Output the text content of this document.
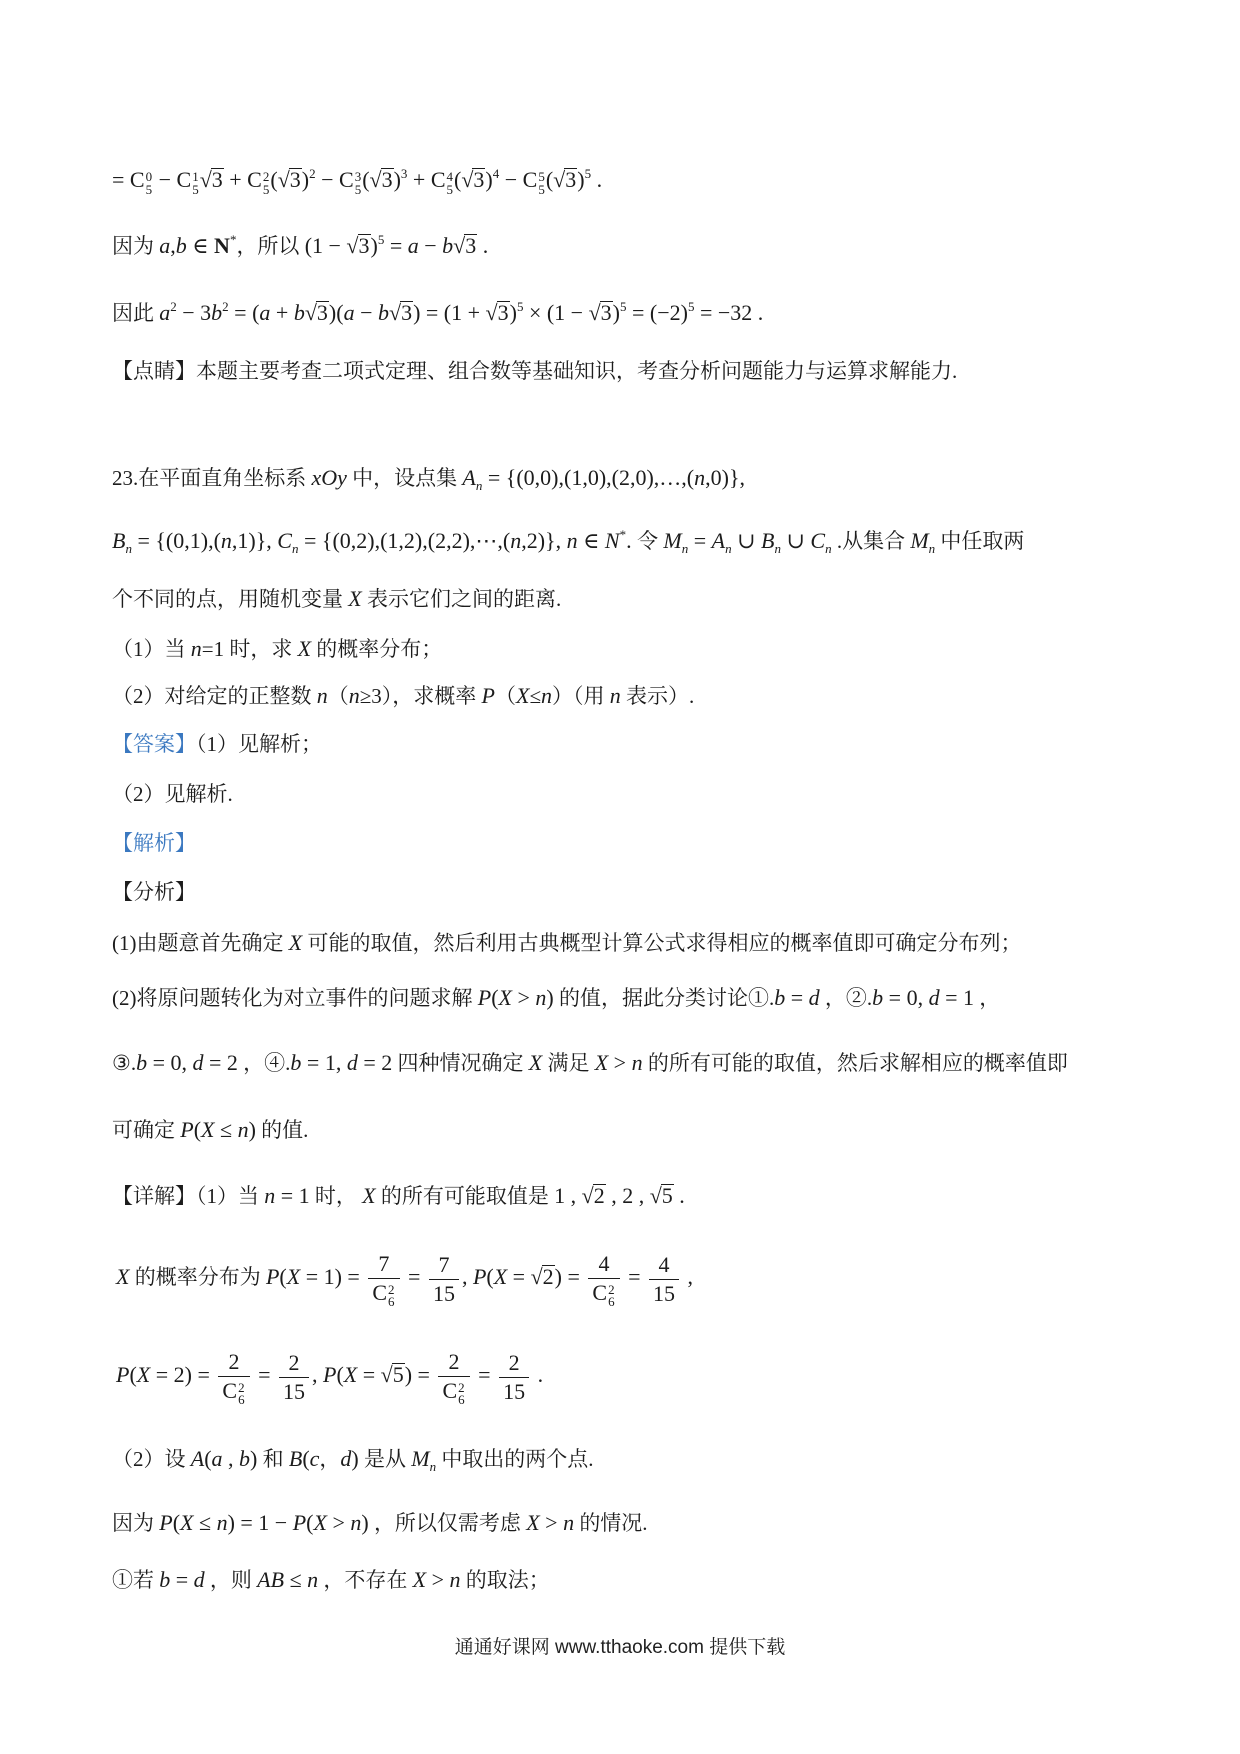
= C 0
5 − C 1
5
√ 3 + C 2
5 (√ 3)$^2$ − C 3
5 (√ 3)$^3$ + C 4
5 (√ 3)$^4$ − C 5
5 (√ 3)$^5$ .
因为 a,b ∈ N*，所以 (1 − √ 3)$^5$ = a − b√ 3 .
因此 $a^2 - 3b^2 = (a + b√$ 3)(a − b√ 3) = (1 + √ 3)$^5$ × (1 − √ $3)^5 = (-2)^5 = -32$ .
【点睛】本题主要考查二项式定理、组合数等基础知识，考查分析问题能力与运算求解能力.
23.在平面直角坐标系 xOy 中，设点集 $A_n$ = {(0,0),(1,0),(2,0),…,(n,0)},
$B_n = \{(0,1),(n,1)\}$, $C_n$ = {(0,2),(1,2),(2,2),⋯,(n,2)}, n ∈ N*. 令 $M_n = A_n$ ∪ $B_n$ ∪ $C_n$ .从集合 $M_n$ 中任取两
个不同的点，用随机变量 X 表示它们之间的距离.
（1）当 n=1 时，求 X 的概率分布；
（2）对给定的正整数 n（n≥3），求概率 P（X≤n）（用 n 表示）.
【答案】（1）见解析；
（2）见解析.
【解析】
【分析】
(1)由题意首先确定 X 可能的取值，然后利用古典概型计算公式求得相应的概率值即可确定分布列；
(2)将原问题转化为对立事件的问题求解 P(X > n) 的值，据此分类讨论①.b = d ，②.b = 0, d = 1 ，
③.b = 0, d = 2 ，④.b = 1, d = 2 四种情况确定 X 满足 X > n 的所有可能的取值，然后求解相应的概率值即
可确定 P(X ≤ n) 的值.
【详解】（1）当 n = 1 时， X 的所有可能取值是 1 , √ 2 , 2 , √ 5 .
X 的概率分布为 P(X = 1) = 7
C 2
$6 = \frac{7}{15}$ , P(X = √ 2) = 4
C 2
$6 = \frac{4}{15}$ ,
P(X = 2) = 2
C 2
$6 = \frac{2}{15}$ , P(X = √ 5) = 2
C 2
$6 = \frac{2}{15}$ .
（2）设 A(a , b) 和 B(c，d) 是从 $M_n$ 中取出的两个点.
因为 P(X ≤ n) = 1 − P(X > n) ，所以仅需考虑 X > n 的情况.
①若 b = d ，则 AB ≤ n ，不存在 X > n 的取法；
通通好课网 www.tthaoke.com 提供下载
